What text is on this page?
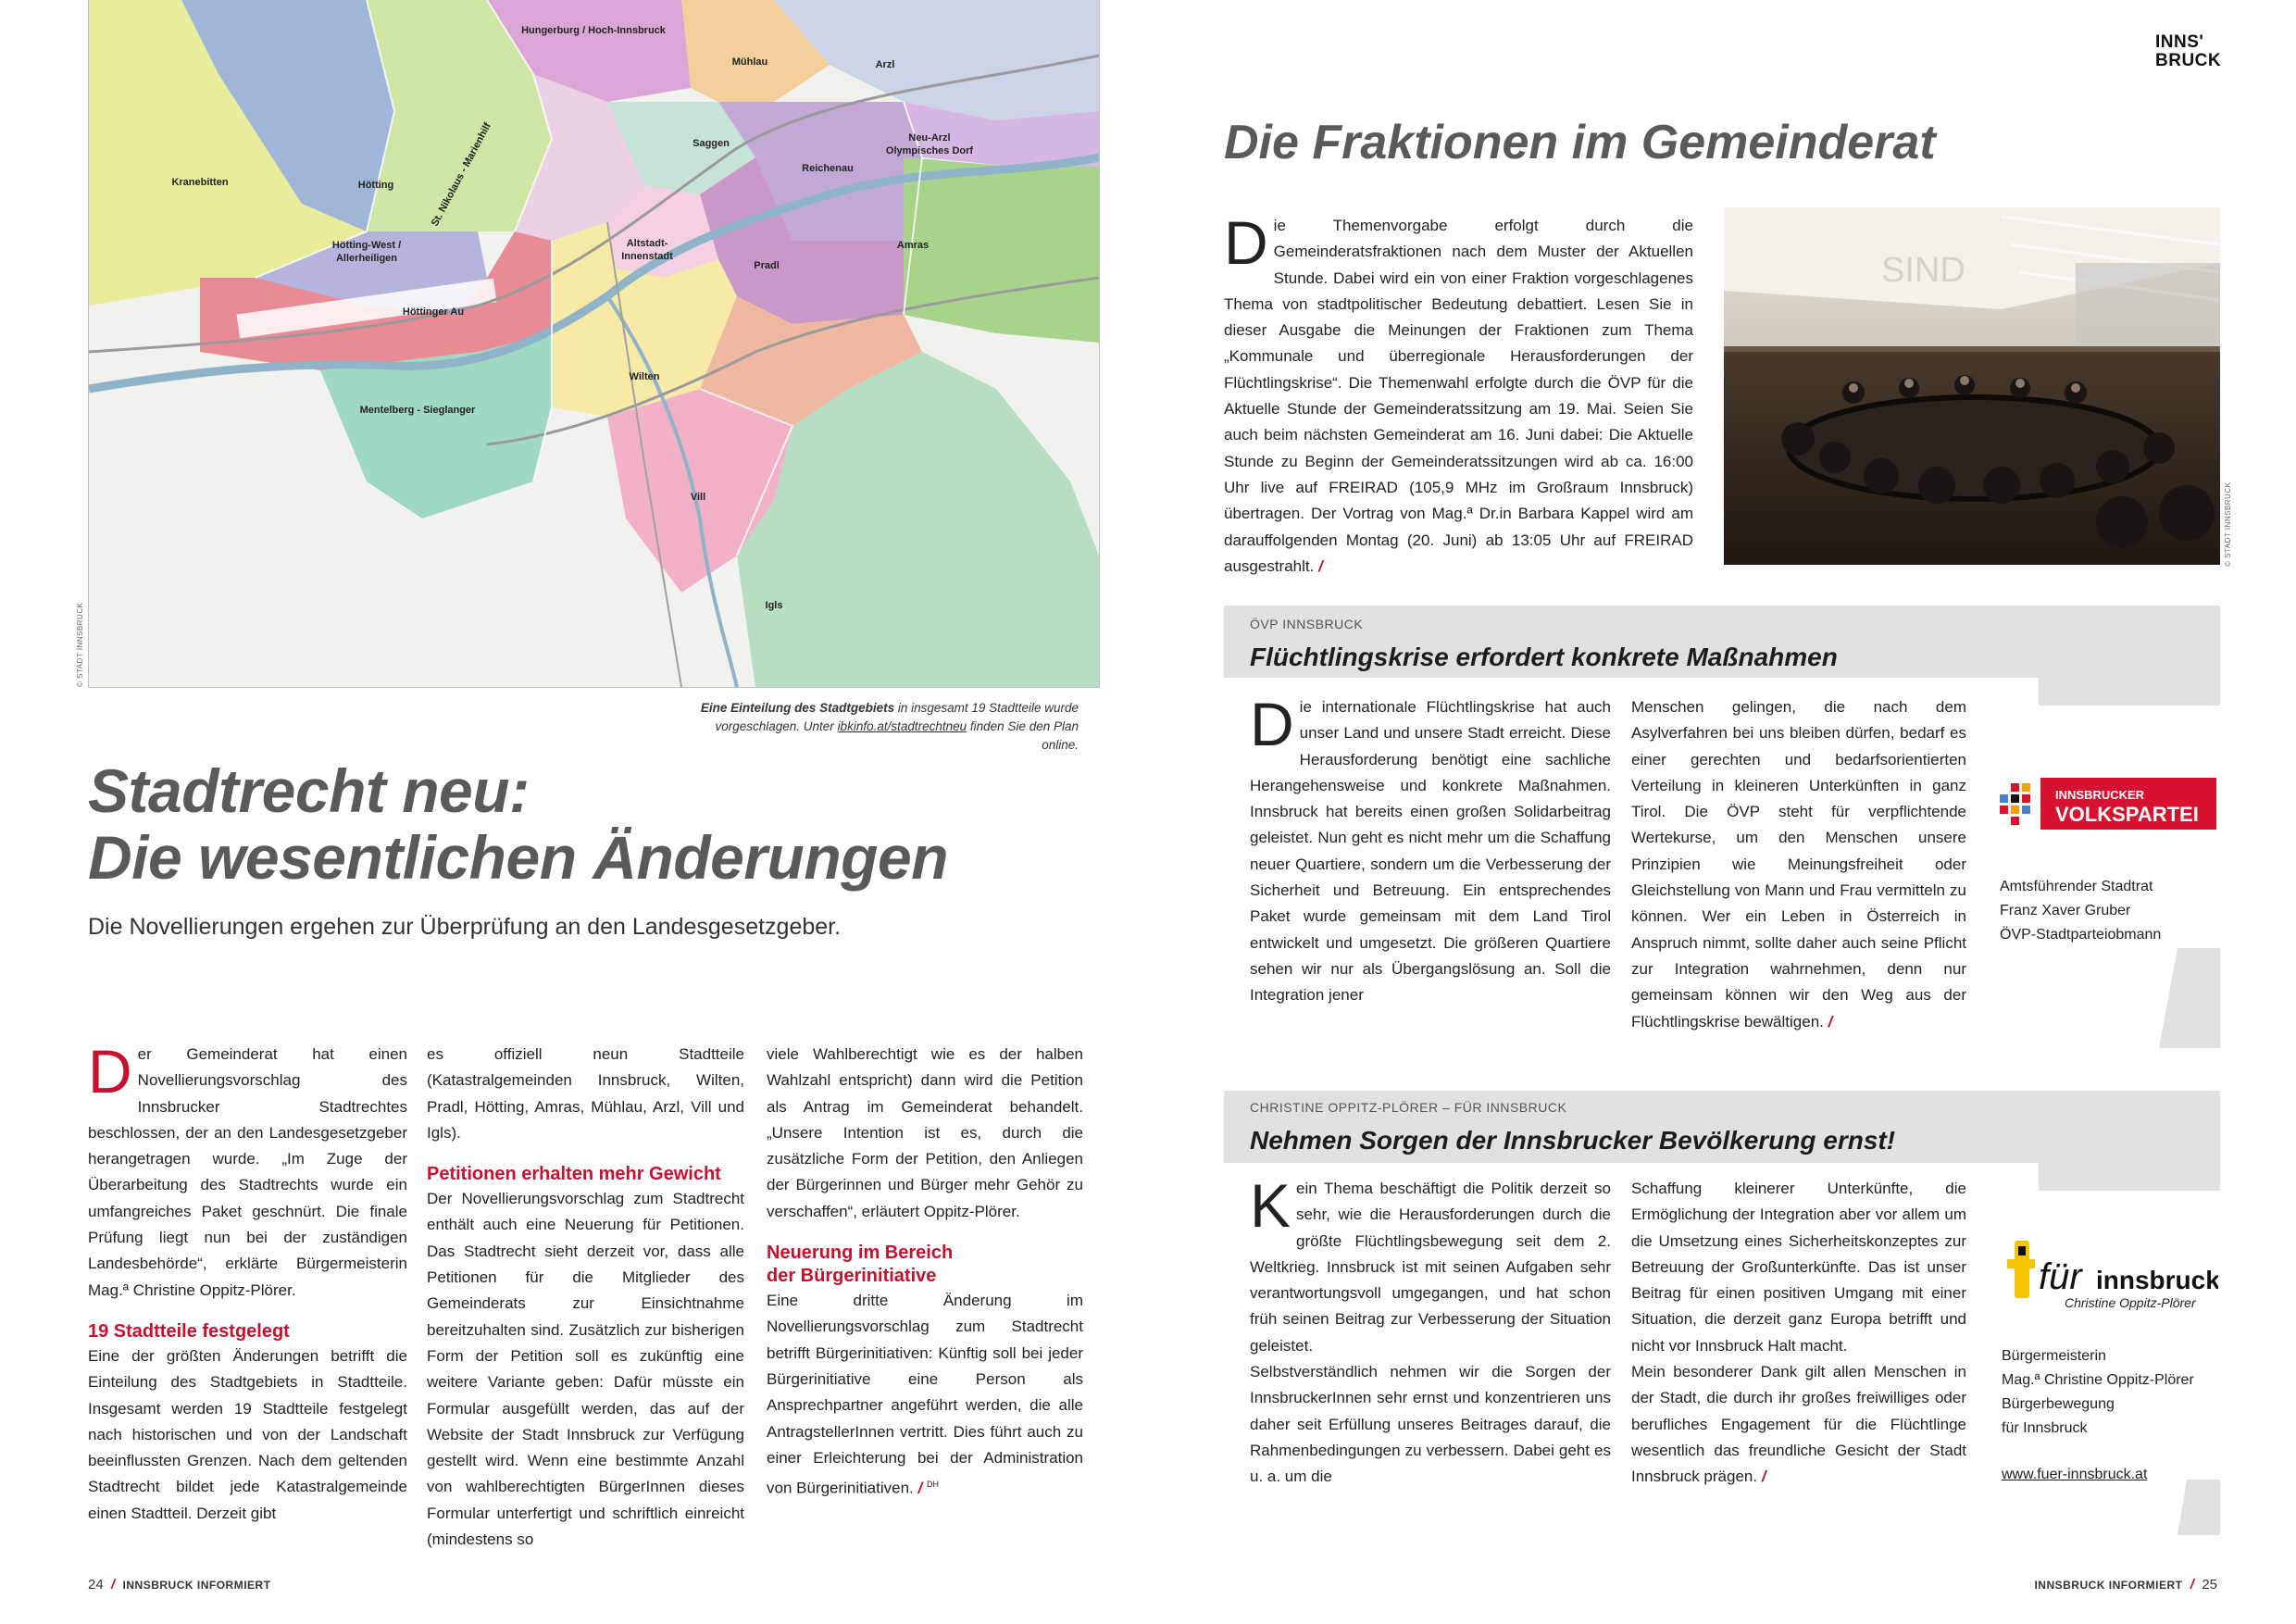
Hungerburg / Hoch-Innsbruck
Mühlau	Arzl
Neu-Arzl
Olympisches Dorf
Kranebitten	Hötting	St. Nikolaus - Marienhilf	Saggen
Reichenau
Hötting-West /
Allerheiligen
Altstadt-
Innenstadt
Pradl
Amras
Höttinger Au
Wilten
Mentelberg - Sieglanger
Vill
Igls
© STADT INNSBRUCK
Eine Einteilung des Stadtgebiets in insgesamt 19 Stadtteile wurde vorgeschlagen. Unter ibkinfo.at/stadtrechtneu finden Sie den Plan online.
Stadtrecht neu:
Die wesentlichen Änderungen
Die Novellierungen ergehen zur Überprüfung an den Landesgesetzgeber.

Der Gemeinderat hat einen Novellierungsvorschlag des Innsbrucker Stadtrechtes beschlossen, der an den Landesgesetzgeber herangetragen wurde. „Im Zuge der Überarbeitung des Stadtrechts wurde ein umfangreiches Paket geschnürt. Die finale Prüfung liegt nun bei der zuständigen Landesbehörde“, erklärte Bürgermeisterin Mag.ª Christine Oppitz-Plörer.

19 Stadtteile festgelegt

Eine der größten Änderungen betrifft die Einteilung des Stadtgebiets in Stadtteile. Insgesamt werden 19 Stadtteile festgelegt nach historischen und von der Landschaft beeinflussten Grenzen. Nach dem geltenden Stadtrecht bildet jede Katastralgemeinde einen Stadtteil. Derzeit gibt

es offiziell neun Stadtteile (Katastralgemeinden Innsbruck, Wilten, Pradl, Hötting, Amras, Mühlau, Arzl, Vill und Igls).

Petitionen erhalten mehr Gewicht

Der Novellierungsvorschlag zum Stadtrecht enthält auch eine Neuerung für Petitionen. Das Stadtrecht sieht derzeit vor, dass alle Petitionen für die Mitglieder des Gemeinderats zur Einsichtnahme bereitzuhalten sind. Zusätzlich zur bisherigen Form der Petition soll es zukünftig eine weitere Variante geben: Dafür müsste ein Formular ausgefüllt werden, das auf der Website der Stadt Innsbruck zur Verfügung gestellt wird. Wenn eine bestimmte Anzahl von wahlberechtigten BürgerInnen dieses Formular unterfertigt und schriftlich einreicht (mindestens so

viele Wahlberechtigt wie es der halben Wahlzahl entspricht) dann wird die Petition als Antrag im Gemeinderat behandelt. „Unsere Intention ist es, durch die zusätzliche Form der Petition, den Anliegen der Bürgerinnen und Bürger mehr Gehör zu verschaffen“, erläutert Oppitz-Plörer.

Neuerung im Bereich
der Bürgerinitiative

Eine dritte Änderung im Novellierungsvorschlag zum Stadtrecht betrifft Bürgerinitiativen: Künftig soll bei jeder Bürgerinitiative eine Person als Ansprechpartner angeführt werden, die alle AntragstellerInnen vertritt. Dies führt auch zu einer Erleichterung bei der Administration von Bürgerinitiativen. / $^{DH}$

24  /  INNSBRUCK INFORMIERT
INNS'
BRUCK
Die Fraktionen im Gemeinderat

Die Themenvorgabe erfolgt durch die Gemeinderatsfraktionen nach dem Muster der Aktuellen Stunde. Dabei wird ein von einer Fraktion vorgeschlagenes Thema von stadtpolitischer Bedeutung debattiert. Lesen Sie in dieser Ausgabe die Meinungen der Fraktionen zum Thema „Kommunale und überregionale Herausforderungen der Flüchtlingskrise“. Die Themenwahl erfolgte durch die ÖVP für die Aktuelle Stunde der Gemeinderatssitzung am 19. Mai. Seien Sie auch beim nächsten Gemeinderat am 16. Juni dabei: Die Aktuelle Stunde zu Beginn der Gemeinderatssitzungen wird ab ca. 16:00 Uhr live auf FREIRAD (105,9 MHz im Großraum Innsbruck) übertragen. Der Vortrag von Mag.ª Dr.in Barbara Kappel wird am darauffolgenden Montag (20. Juni) ab 13:05 Uhr auf FREIRAD ausgestrahlt. /

SIND
© STADT INNSBRUCK
ÖVP INNSBRUCK
Flüchtlingskrise erfordert konkrete Maßnahmen

Die internationale Flüchtlingskrise hat auch unser Land und unsere Stadt erreicht. Diese Herausforderung benötigt eine sachliche Herangehensweise und konkrete Maßnahmen. Innsbruck hat bereits einen großen Solidarbeitrag geleistet. Nun geht es nicht mehr um die Schaffung neuer Quartiere, sondern um die Verbesserung der Sicherheit und Betreuung. Ein entsprechendes Paket wurde gemeinsam mit dem Land Tirol entwickelt und umgesetzt. Die größeren Quartiere sehen wir nur als Übergangslösung an. Soll die Integration jener

Menschen gelingen, die nach dem Asylverfahren bei uns bleiben dürfen, bedarf es einer gerechten und bedarfsorientierten Verteilung in kleineren Unterkünften in ganz Tirol. Die ÖVP steht für verpflichtende Wertekurse, um den Menschen unsere Prinzipien wie Meinungsfreiheit oder Gleichstellung von Mann und Frau vermitteln zu können. Wer ein Leben in Österreich in Anspruch nimmt, sollte daher auch seine Pflicht zur Integration wahrnehmen, denn nur gemeinsam können wir den Weg aus der Flüchtlingskrise bewältigen. /

INNSBRUCKER
VOLKSPARTEI
Amtsführender Stadtrat
Franz Xaver Gruber
ÖVP-Stadtparteiobmann
CHRISTINE OPPITZ-PLÖRER – FÜR INNSBRUCK
Nehmen Sorgen der Innsbrucker Bevölkerung ernst!

Kein Thema beschäftigt die Politik derzeit so sehr, wie die Herausforderungen durch die größte Flüchtlingsbewegung seit dem 2. Weltkrieg. Innsbruck ist mit seinen Aufgaben sehr verantwortungsvoll umgegangen, und hat schon früh seinen Beitrag zur Verbesserung der Situation geleistet.

Selbstverständlich nehmen wir die Sorgen der InnsbruckerInnen sehr ernst und konzentrieren uns daher seit Erfüllung unseres Beitrages darauf, die Rahmenbedingungen zu verbessern. Dabei geht es u. a. um die

Schaffung kleinerer Unterkünfte, die Ermöglichung der Integration aber vor allem um die Umsetzung eines Sicherheitskonzeptes zur Betreuung der Großunterkünfte. Das ist unser Beitrag für einen positiven Umgang mit einer Situation, die derzeit ganz Europa betrifft und nicht vor Innsbruck Halt macht.

Mein besonderer Dank gilt allen Menschen in der Stadt, die durch ihr großes freiwilliges oder berufliches Engagement für die Flüchtlinge wesentlich das freundliche Gesicht der Stadt Innsbruck prägen. /

für innsbruck
Christine Oppitz-Plörer
Bürgermeisterin
Mag.ª Christine Oppitz-Plörer
Bürgerbewegung
für Innsbruck
www.fuer-innsbruck.at
INNSBRUCK INFORMIERT  /  25
